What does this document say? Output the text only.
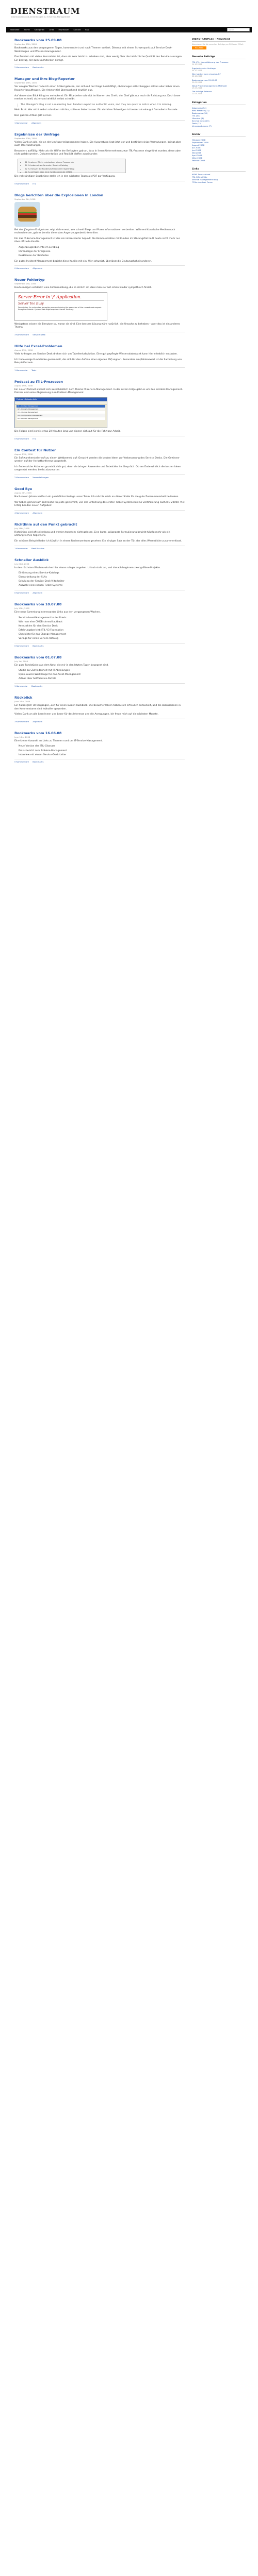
DIENSTRAUM
Informationen und Anmerkungen zu IT-Service-Management
Startseite	Archiv	Kategorien	Links	Impressum	Kontakt	RSS	Suche
Bookmarks vom 25.09.08
September 25th, 2008

Bookmarks aus den vergangenen Tagen, kommentiert und nach Themen sortiert. Diesmal mit einem Schwerpunkt auf Service-Desk-Werkzeugen und Wissensmanagement.

Das Problem mit vielen Kennzahlen ist, dass sie zwar leicht zu erheben sind, aber wenig über die tatsächliche Qualität des Service aussagen. Ein Beitrag, der zum Nachdenken anregt.

2 Kommentare Bookmarks
Manager und ihre Blog-Reporter
September 19th, 2008

Vor einigen Wochen habe ich einen Artikel gelesen, der sich mit der Frage beschäftigt, ob Manager selbst bloggen sollten oder lieber einen Reporter beauftragen. Die Antwort fiel überraschend deutlich aus.

Auf den ersten Blick klingt es verlockend: Ein Mitarbeiter schreibt im Namen des Chefs, der Chef gibt nur noch die Richtung vor. Doch Leser merken schnell, ob jemand wirklich selbst schreibt.

The Manager's blog is not a marketing tool. Readers expect an authentic voice, and they are quick to notice when it is missing.

Mein Fazit: Wer nicht selbst schreiben möchte, sollte es lieber lassen. Ein ehrliches Schweigen ist besser als eine gut formulierte Fassade.

Den ganzen Artikel gibt es hier.

1 Kommentar Allgemein
Ergebnisse der Umfrage
September 13th, 2008

Vielen Dank an alle, die an der Umfrage teilgenommen haben. Die Auswertung liegt jetzt vor und bestätigt einige Vermutungen, bringt aber auch Überraschungen.

Besonders auffällig: Mehr als die Hälfte der Befragten gab an, dass in ihrem Unternehmen zwar ITIL-Prozesse eingeführt wurden, diese aber nicht gelebt werden. Dokumentation und Realität klaffen auseinander.

• 61 % setzen ITIL in mindestens einem Prozess ein
• 34 % haben einen formalen Service-Katalog
• 22 % messen die Kundenzufriedenheit regelmäßig
• 12 % verfügen über eine funktionierende CMDB

Die vollständigen Ergebnisse stelle ich in den nächsten Tagen als PDF zur Verfügung.

5 Kommentare ITIL
Blogs berichten über die Explosionen in London
September 8th, 2008

Bei den jüngsten Ereignissen zeigt sich erneut, wie schnell Blogs und Foren Informationen verbreiten. Während klassische Medien noch recherchierten, gab es bereits die ersten Augenzeugenberichte online.

Für das IT-Service-Management ist das ein interessanter Aspekt: Die Kommunikation mit Kunden im Störungsfall läuft heute nicht mehr nur über offizielle Kanäle.

• Augenzeugenberichte im Liveblog
• Chronologie der Ereignisse
• Reaktionen der Behörden

Ein gutes Incident-Management bezieht diese Kanäle mit ein. Wer schweigt, überlässt die Deutungshoheit anderen.

0 Kommentare Allgemein
Neuer Fehlertyp
September 2nd, 2008

Heute morgen entdeckt: eine Fehlermeldung, die so ehrlich ist, dass man sie fast schon wieder sympathisch findet.

Server Error in '/' Application.
Server Too Busy
Description: An unhandled exception occurred during the execution of the current web request.
Exception Details: System.Web.HttpException: Server Too Busy

Wenigstens wissen die Benutzer so, woran sie sind. Eine bessere Lösung wäre natürlich, die Ursache zu beheben – aber das ist ein anderes Thema.

3 Kommentare Service Desk
Hilfe bei Excel-Problemen
August 27th, 2008

Viele Anfragen am Service Desk drehen sich um Tabellenkalkulation. Eine gut gepflegte Wissensdatenbank kann hier erheblich entlasten.

Ich habe einige Fundstücke gesammelt, die sich für den Aufbau einer eigenen FAQ eignen. Besonders empfehlenswert ist die Sammlung von Beispielformeln.

1 Kommentar Tools
Podcast zu ITIL-Prozessen
August 19th, 2008

Ein neuer Podcast widmet sich ausschließlich dem Thema IT-Service-Management. In der ersten Folge geht es um den Incident-Management-Prozess und seine Abgrenzung zum Problem-Management.

Podcast – Episodenliste
01 – Incident Management
02 – Problem Management
03 – Change Management
04 – Configuration Management
05 – Release Management

Die Folgen sind jeweils etwa 20 Minuten lang und eignen sich gut für die Fahrt zur Arbeit.

0 Kommentare ITIL
Ein Contest für Nutzer
August 11th, 2008

Ein Softwarehersteller ruft zu einem Wettbewerb auf: Gesucht werden die besten Ideen zur Verbesserung des Service Desks. Die Gewinner werden auf der Herbstkonferenz vorgestellt.

Ich finde solche Aktionen grundsätzlich gut, denn sie bringen Anwender und Entwickler ins Gespräch. Ob am Ende wirklich die besten Ideen umgesetzt werden, bleibt abzuwarten.

2 Kommentare Veranstaltungen
Good Bye
August 4th, 2008

Nach vielen Jahren verlässt ein geschätzter Kollege unser Team. Ich möchte mich an dieser Stelle für die gute Zusammenarbeit bedanken.

Wir haben gemeinsam zahlreiche Projekte gestemmt, von der Einführung des ersten Ticket-Systems bis zur Zertifizierung nach ISO 20000. Viel Erfolg bei den neuen Aufgaben!

4 Kommentare Allgemein
Richtlinie auf den Punkt gebracht
July 28th, 2008

Richtlinien sind oft seitenlang und werden trotzdem nicht gelesen. Eine kurze, prägnante Formulierung bewirkt häufig mehr als ein umfangreiches Regelwerk.

Ein schönes Beispiel habe ich kürzlich in einem Rechenzentrum gesehen: Ein einziger Satz an der Tür, der alles Wesentliche zusammenfasst.

1 Kommentar Best Practice
Schneller Ausblick
July 21st, 2008

In den nächsten Wochen wird es hier etwas ruhiger zugehen. Urlaub steht an, und danach beginnen zwei größere Projekte.

• Einführung eines Service-Katalogs
• Überarbeitung der SLAs
• Schulung der Service-Desk-Mitarbeiter
• Auswahl eines neuen Ticket-Systems
0 Kommentare Allgemein
Bookmarks vom 10.07.08
July 10th, 2008

Eine neue Sammlung interessanter Links aus den vergangenen Wochen.

• Service-Level-Management in der Praxis
• Wie man eine CMDB sinnvoll aufbaut
• Kennzahlen für den Service Desk
• Erfahrungsbericht: ITIL V3 Foundation
• Checkliste für das Change-Management
• Vorlage für einen Service-Katalog
0 Kommentare Bookmarks
Bookmarks vom 01.07.08
July 1st, 2008

Ein paar Fundstücke aus dem Netz, die mir in den letzten Tagen begegnet sind.

• Studie zur Zufriedenheit mit IT-Abteilungen
• Open-Source-Werkzeuge für das Asset-Management
• Artikel über Self-Service-Portale
1 Kommentar Bookmarks
Rückblick
June 24th, 2008

Ein halbes Jahr ist vergangen, Zeit für einen kurzen Rückblick. Die Besucherzahlen haben sich erfreulich entwickelt, und die Diskussionen in den Kommentaren sind lebhafter geworden.

Vielen Dank an alle Leserinnen und Leser für das Interesse und die Anregungen. Ich freue mich auf die nächsten Monate.

3 Kommentare Allgemein
Bookmarks vom 16.06.08
June 16th, 2008

Eine kleine Auswahl an Links zu Themen rund um IT-Service-Management.

• Neue Version des ITIL-Glossars
• Praxisbericht zum Problem-Management
• Interview mit einem Service-Desk-Leiter
0 Kommentare Bookmarks
DIENSTRAUM.de – Newsfeed
Abonnieren Sie die neuesten Beiträge per RSS oder E-Mail.
RSS Feed
Neueste Beiträge
ITIL V3 – Konsolidierung der Prozesse
14.10.2008
Ergebnisse der Umfrage
09.10.2008
Wer hat bei wem eingekauft?
02.10.2008
Bookmarks vom 25.09.08
25.09.2008
Neue Projektmanagement-Methode
19.09.2008
Die richtige Balance
12.09.2008
Kategorien
Allgemein (34)
Best Practice (21)
Bookmarks (18)
ITIL (41)
Literatur (9)
Service Desk (15)
Tools (12)
Veranstaltungen (7)
Archiv
Oktober 2008
September 2008
August 2008
Juli 2008
Juni 2008
Mai 2008
April 2008
März 2008
Februar 2008
Links
itSMF Deutschland
ITIL Official Site
Service Management Blog
IT-Servicedesk Forum
